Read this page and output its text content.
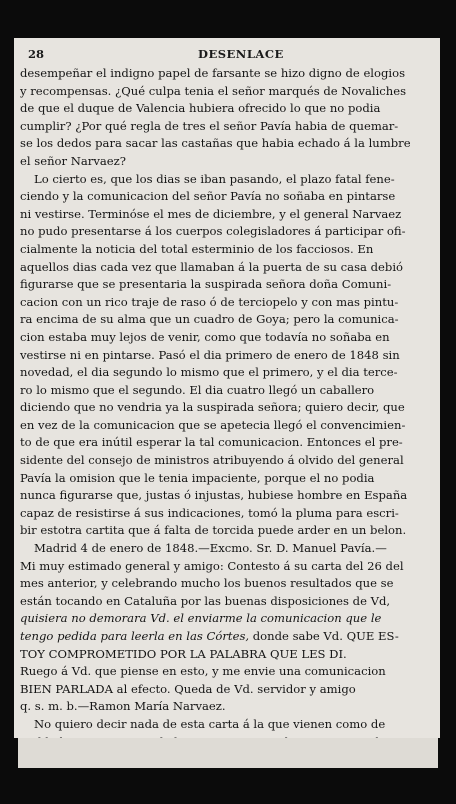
28	DESENLACE
desempeñar el indigno papel de farsante se hizo digno de elogios
y recompensas. ¿Qué culpa tenia el señor marqués de Novaliches
de que el duque de Valencia hubiera ofrecido lo que no podia
cumplir? ¿Por qué regla de tres el señor Pavía habia de quemar-
se los dedos para sacar las castañas que habia echado á la lumbre
el señor Narvaez?
Lo cierto es, que los dias se iban pasando, el plazo fatal fene-
ciendo y la comunicacion del señor Pavía no soñaba en pintarse
ni vestirse. Terminóse el mes de diciembre, y el general Narvaez
no pudo presentarse á los cuerpos colegisladores á participar ofi-
cialmente la noticia del total esterminio de los facciosos. En
aquellos dias cada vez que llamaban á la puerta de su casa debió
figurarse que se presentaria la suspirada señora doña Comuni-
cacion con un rico traje de raso ó de terciopelo y con mas pintu-
ra encima de su alma que un cuadro de Goya; pero la comunica-
cion estaba muy lejos de venir, como que todavía no soñaba en
vestirse ni en pintarse. Pasó el dia primero de enero de 1848 sin
novedad, el dia segundo lo mismo que el primero, y el dia terce-
ro lo mismo que el segundo. El dia cuatro llegó un caballero
diciendo que no vendria ya la suspirada señora; quiero decir, que
en vez de la comunicacion que se apetecia llegó el convencimien-
to de que era inútil esperar la tal comunicacion. Entonces el pre-
sidente del consejo de ministros atribuyendo á olvido del general
Pavía la omision que le tenia impaciente, porque el no podia
nunca figurarse que, justas ó injustas, hubiese hombre en España
capaz de resistirse á sus indicaciones, tomó la pluma para escri-
bir estotra cartita que á falta de torcida puede arder en un belon.
Madrid 4 de enero de 1848.—Excmo. Sr. D. Manuel Pavía.—
Mi muy estimado general y amigo: Contesto á su carta del 26 del
mes anterior, y celebrando mucho los buenos resultados que se
están tocando en Cataluña por las buenas disposiciones de Vd,
quisiera no demorara Vd. el enviarme la comunicacion que le
tengo pedida para leerla en las Córtes, donde sabe Vd. QUE ES-
TOY COMPROMETIDO POR LA PALABRA QUE LES DI.
Ruego á Vd. que piense en esto, y me envie una comunicacion
BIEN PARLADA al efecto. Queda de Vd. servidor y amigo
q. s. m. b.—Ramon María Narvaez.
No quiero decir nada de esta carta á la que vienen como de
